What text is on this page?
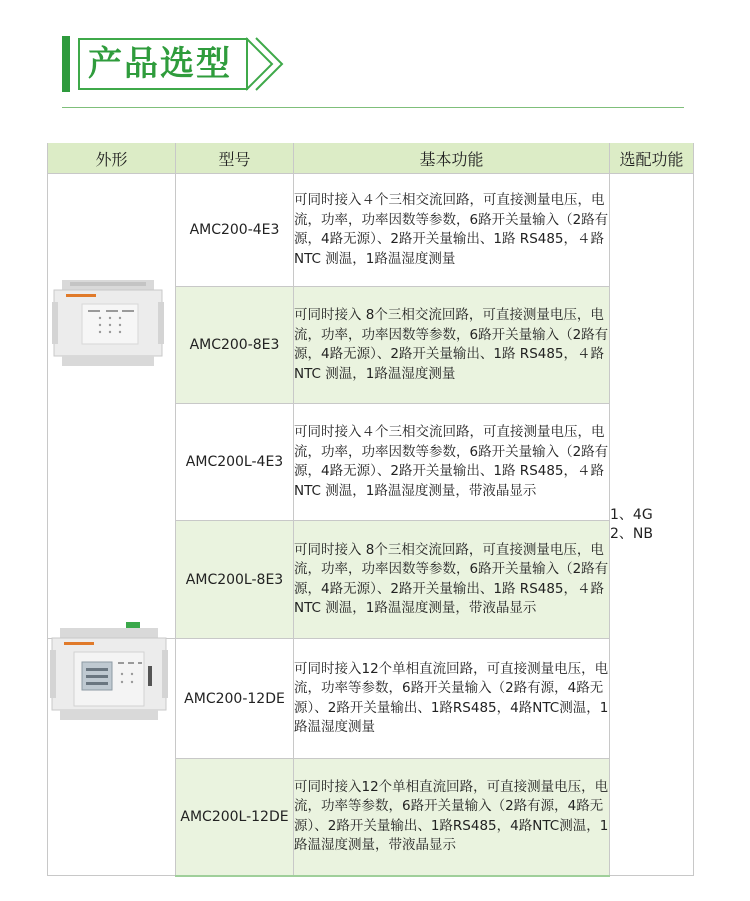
产品选型
外形	型号	基本功能	选配功能

	AMC200-4E3	可同时接入４个三相交流回路，可直接测量电压，电流，功率，功率因数等参数，6路开关量输入（2路有源，4路无源）、2路开关量输出、1路 RS485，４路 NTC 测温，1路温湿度测量	1、4G
2、NB

	AMC200-8E3	可同时接入 8个三相交流回路，可直接测量电压，电流，功率，功率因数等参数，6路开关量输入（2路有源，4路无源）、2路开关量输出、1路 RS485，４路 NTC 测温，1路温湿度测量	
	AMC200L-4E3	可同时接入４个三相交流回路，可直接测量电压，电流，功率，功率因数等参数，6路开关量输入（2路有源，4路无源）、2路开关量输出、1路 RS485，４路 NTC 测温，1路温湿度测量，带液晶显示	
	AMC200L-8E3	可同时接入 8个三相交流回路，可直接测量电压，电流，功率，功率因数等参数，6路开关量输入（2路有源，4路无源）、2路开关量输出、1路 RS485，４路 NTC 测温，1路温湿度测量，带液晶显示	

	AMC200-12DE	可同时接入12个单相直流回路，可直接测量电压，电流，功率等参数，6路开关量输入（2路有源，4路无源）、2路开关量输出、1路RS485，4路NTC测温，1路温湿度测量	
	AMC200L-12DE	可同时接入12个单相直流回路，可直接测量电压，电流，功率等参数，6路开关量输入（2路有源，4路无源）、2路开关量输出、1路RS485，4路NTC测温，1路温湿度测量，带液晶显示	
